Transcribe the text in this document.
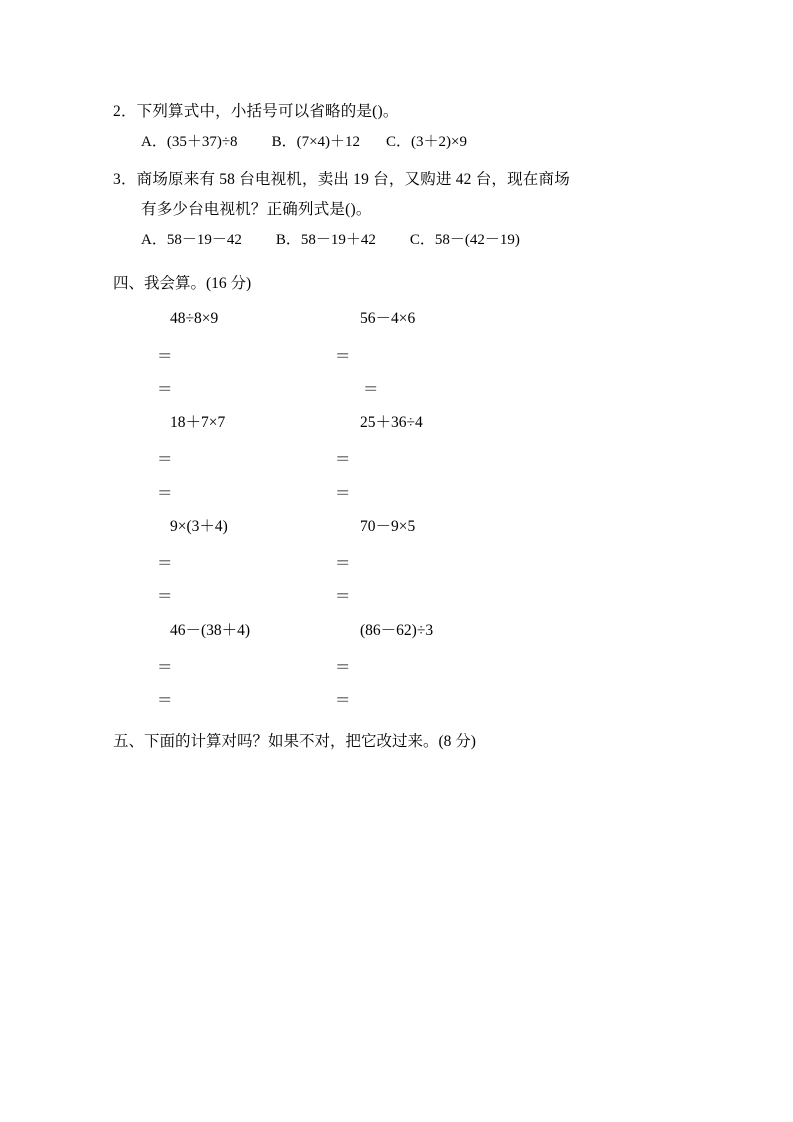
2．下列算式中，小括号可以省略的是()。
A．(35＋37)÷8 B．(7×4)＋12 C．(3＋2)×9
3．商场原来有 58 台电视机，卖出 19 台，又购进 42 台，现在商场
有多少台电视机？正确列式是()。
A．58－19－42 B．58－19＋42 C．58－(42－19)
四、我会算。(16 分)
48÷8×9	56－4×6
＝	＝
＝	＝
18＋7×7	25＋36÷4
＝	＝
＝	＝
9×(3＋4)	70－9×5
＝	＝
＝	＝
46－(38＋4)	(86－62)÷3
＝	＝
＝	＝
五、下面的计算对吗？如果不对，把它改过来。(8 分)
